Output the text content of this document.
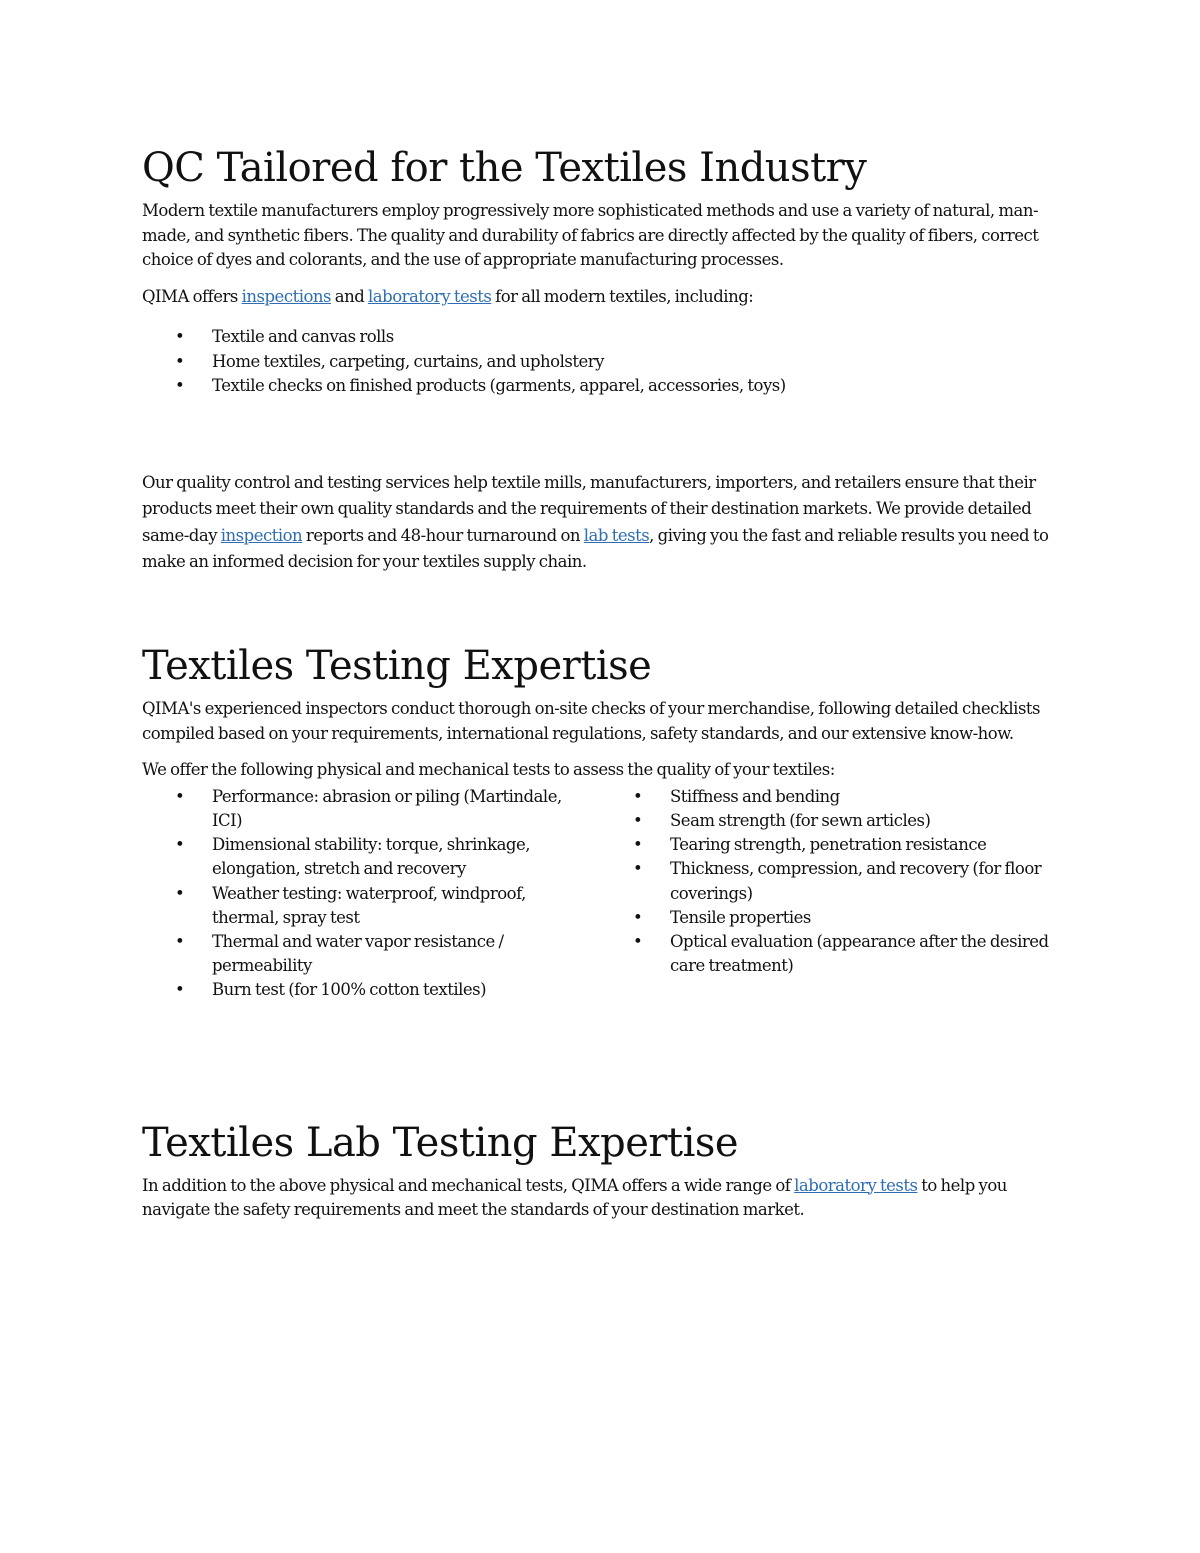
QC Tailored for the Textiles Industry

Modern textile manufacturers employ progressively more sophisticated methods and use a variety of natural, man-made, and synthetic fibers. The quality and durability of fabrics are directly affected by the quality of fibers, correct choice of dyes and colorants, and the use of appropriate manufacturing processes.

QIMA offers inspections and laboratory tests for all modern textiles, including:

• Textile and canvas rolls
• Home textiles, carpeting, curtains, and upholstery
• Textile checks on finished products (garments, apparel, accessories, toys)

Our quality control and testing services help textile mills, manufacturers, importers, and retailers ensure that their products meet their own quality standards and the requirements of their destination markets. We provide detailed same-day inspection reports and 48-hour turnaround on lab tests, giving you the fast and reliable results you need to make an informed decision for your textiles supply chain.

Textiles Testing Expertise

QIMA's experienced inspectors conduct thorough on-site checks of your merchandise, following detailed checklists compiled based on your requirements, international regulations, safety standards, and our extensive know-how.

We offer the following physical and mechanical tests to assess the quality of your textiles:

• Performance: abrasion or piling (Martindale, ICI)
• Dimensional stability: torque, shrinkage, elongation, stretch and recovery
• Weather testing: waterproof, windproof, thermal, spray test
• Thermal and water vapor resistance / permeability
• Burn test (for 100% cotton textiles)
• Stiffness and bending
• Seam strength (for sewn articles)
• Tearing strength, penetration resistance
• Thickness, compression, and recovery (for floor coverings)
• Tensile properties
• Optical evaluation (appearance after the desired care treatment)
Textiles Lab Testing Expertise

In addition to the above physical and mechanical tests, QIMA offers a wide range of laboratory tests to help you navigate the safety requirements and meet the standards of your destination market.
